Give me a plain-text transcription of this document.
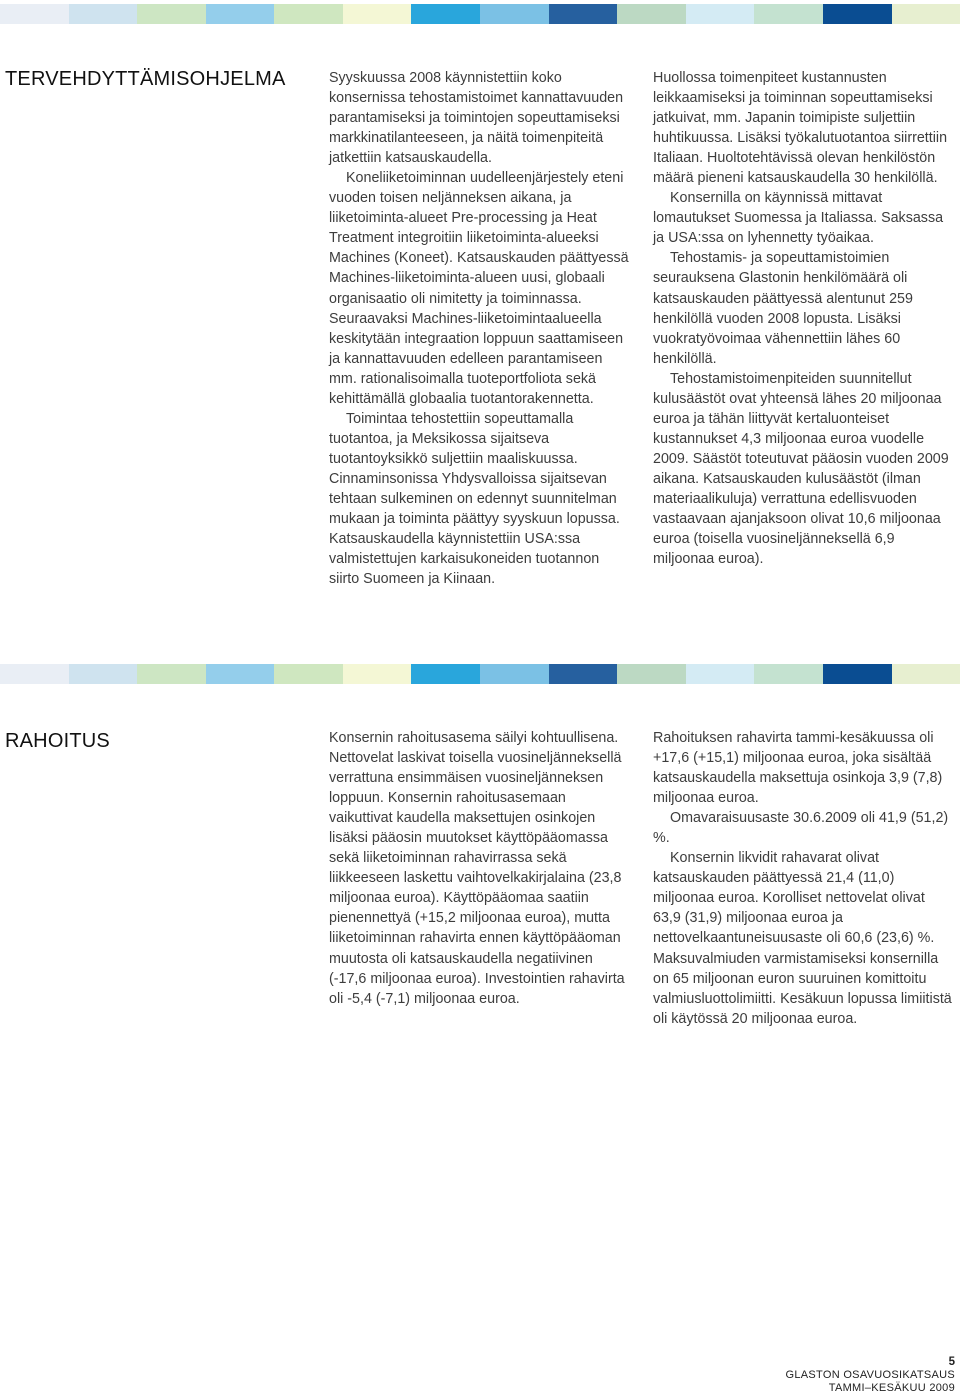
TERVEHDYTTÄMISOHJELMA	Syyskuussa 2008 käynnistettiin koko konsernissa tehostamistoimet kannattavuuden parantamiseksi ja toimintojen sopeuttamiseksi markkinatilanteeseen, ja näitä toimenpiteitä jatkettiin katsauskaudella.

Koneliiketoiminnan uudelleenjärjestely eteni vuoden toisen neljänneksen aikana, ja liiketoiminta-alueet Pre-processing ja Heat Treatment integroitiin liiketoiminta-alueeksi Machines (Koneet). Katsauskauden päättyessä Machines-liiketoiminta-alueen uusi, globaali organisaatio oli nimitetty ja toiminnassa. Seuraavaksi Machines-liiketoimintaalueella keskitytään integraation loppuun saattamiseen ja kannattavuuden edelleen parantamiseen mm. rationalisoimalla tuoteportfoliota sekä kehittämällä globaalia tuotantorakennetta.

Toimintaa tehostettiin sopeuttamalla tuotantoa, ja Meksikossa sijaitseva tuotantoyksikkö suljettiin maaliskuussa. Cinnaminsonissa Yhdysvalloissa sijaitsevan tehtaan sulkeminen on edennyt suunnitelman mukaan ja toiminta päättyy syyskuun lopussa. Katsauskaudella käynnistettiin USA:ssa valmistettujen karkaisukoneiden tuotannon siirto Suomeen ja Kiinaan.

Huollossa toimenpiteet kustannusten leikkaamiseksi ja toiminnan sopeuttamiseksi jatkuivat, mm. Japanin toimipiste suljettiin huhtikuussa. Lisäksi työkalutuotantoa siirrettiin Italiaan. Huoltotehtävissä olevan henkilöstön määrä pieneni katsauskaudella 30 henkilöllä.

Konsernilla on käynnissä mittavat lomautukset Suomessa ja Italiassa. Saksassa ja USA:ssa on lyhennetty työaikaa.

Tehostamis- ja sopeuttamistoimien seurauksena Glastonin henkilömäärä oli katsauskauden päättyessä alentunut 259 henkilöllä vuoden 2008 lopusta. Lisäksi vuokratyövoimaa vähennettiin lähes 60 henkilöllä.

Tehostamistoimenpiteiden suunnitellut kulusäästöt ovat yhteensä lähes 20 miljoonaa euroa ja tähän liittyvät kertaluonteiset kustannukset 4,3 miljoonaa euroa vuodelle 2009. Säästöt toteutuvat pääosin vuoden 2009 aikana. Katsauskauden kulusäästöt (ilman materiaalikuluja) verrattuna edellisvuoden vastaavaan ajanjaksoon olivat 10,6 miljoonaa euroa (toisella vuosineljänneksellä 6,9 miljoonaa euroa).

RAHOITUS	Konsernin rahoitusasema säilyi kohtuullisena. Nettovelat laskivat toisella vuosineljänneksellä verrattuna ensimmäisen vuosineljänneksen loppuun. Konsernin rahoitusasemaan vaikuttivat kaudella maksettujen osinkojen lisäksi pääosin muutokset käyttöpääomassa sekä liiketoiminnan rahavirrassa sekä liikkeeseen laskettu vaihtovelkakirjalaina (23,8 miljoonaa euroa). Käyttöpääomaa saatiin pienennettyä (+15,2 miljoonaa euroa), mutta liiketoiminnan rahavirta ennen käyttöpääoman muutosta oli katsauskaudella negatiivinen (-17,6 miljoonaa euroa). Investointien rahavirta oli -5,4 (-7,1) miljoonaa euroa.

Rahoituksen rahavirta tammi-kesäkuussa oli +17,6 (+15,1) miljoonaa euroa, joka sisältää katsauskaudella maksettuja osinkoja 3,9 (7,8) miljoonaa euroa.

Omavaraisuusaste 30.6.2009 oli 41,9 (51,2) %.

Konsernin likvidit rahavarat olivat katsauskauden päättyessä 21,4 (11,0) miljoonaa euroa. Korolliset nettovelat olivat 63,9 (31,9) miljoonaa euroa ja nettovelkaantuneisuusaste oli 60,6 (23,6) %. Maksuvalmiuden varmistamiseksi konsernilla on 65 miljoonan euron suuruinen komittoitu valmiusluottolimiitti. Kesäkuun lopussa limiitistä oli käytössä 20 miljoonaa euroa.

5
GLASTON OSAVUOSIKATSAUS
TAMMI–KESÄKUU 2009
